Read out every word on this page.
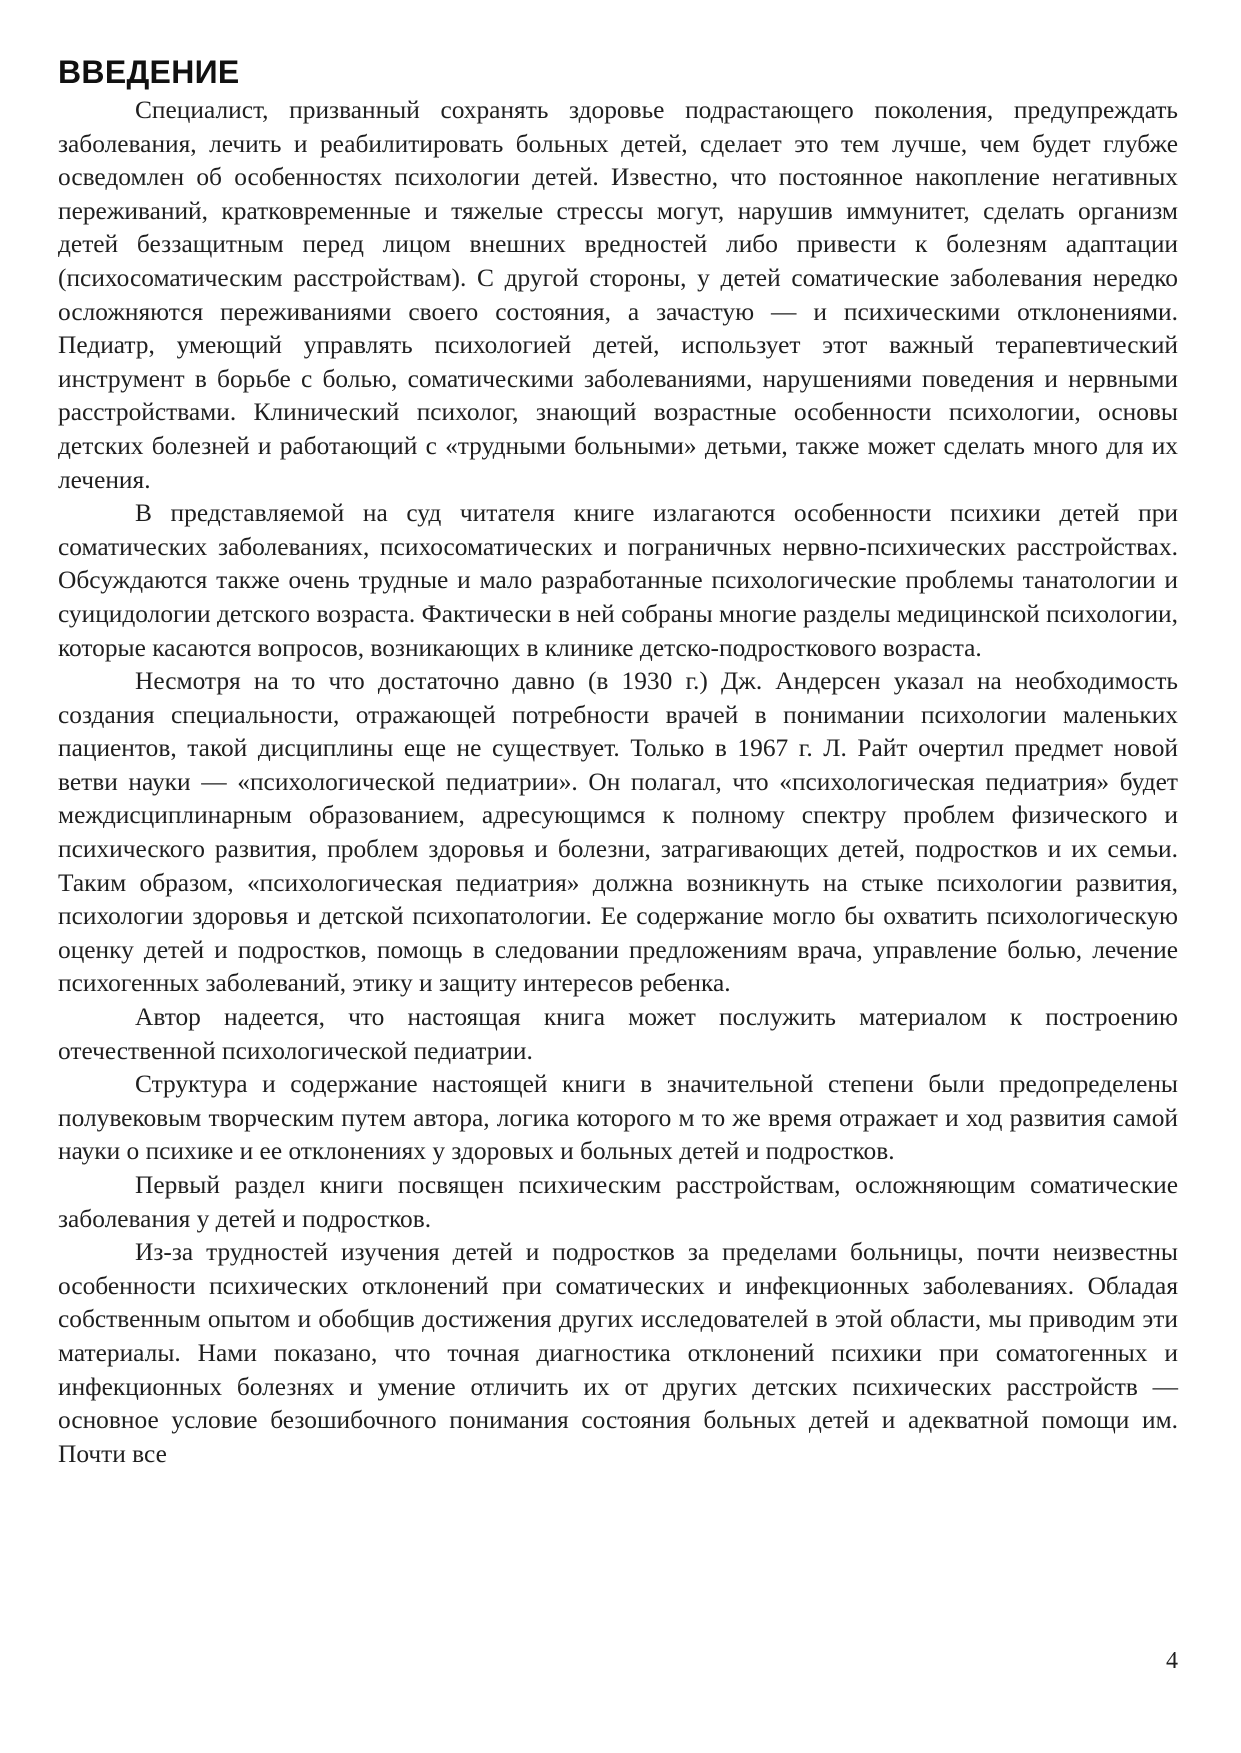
ВВЕДЕНИЕ

Специалист, призванный сохранять здоровье подрастающего поколения, предупреждать заболевания, лечить и реабилитировать больных детей, сделает это тем лучше, чем будет глубже осведомлен об особенностях психологии детей. Известно, что постоянное накопление негативных переживаний, кратковременные и тяжелые стрессы могут, нарушив иммунитет, сделать организм детей беззащитным перед лицом внешних вредностей либо привести к болезням адаптации (психосоматическим расстройствам). С другой стороны, у детей соматические заболевания нередко осложняются переживаниями своего состояния, а зачастую — и психическими отклонениями. Педиатр, умеющий управлять психологией детей, использует этот важный терапевтический инструмент в борьбе с болью, соматическими заболеваниями, нарушениями поведения и нервными расстройствами. Клинический психолог, знающий возрастные особенности психологии, основы детских болезней и работающий с «трудными больными» детьми, также может сделать много для их лечения.

В представляемой на суд читателя книге излагаются особенности психики детей при соматических заболеваниях, психосоматических и пограничных нервно-психических расстройствах. Обсуждаются также очень трудные и мало разработанные психологические проблемы танатологии и суицидологии детского возраста. Фактически в ней собраны многие разделы медицинской психологии, которые касаются вопросов, возникающих в клинике детско-подросткового возраста.

Несмотря на то что достаточно давно (в 1930 г.) Дж. Андерсен указал на необходимость создания специальности, отражающей потребности врачей в понимании психологии маленьких пациентов, такой дисциплины еще не существует. Только в 1967 г. Л. Райт очертил предмет новой ветви науки — «психологической педиатрии». Он полагал, что «психологическая педиатрия» будет междисциплинарным образованием, адресующимся к полному спектру проблем физического и психического развития, проблем здоровья и болезни, затрагивающих детей, подростков и их семьи. Таким образом, «психологическая педиатрия» должна возникнуть на стыке психологии развития, психологии здоровья и детской психопатологии. Ее содержание могло бы охватить психологическую оценку детей и подростков, помощь в следовании предложениям врача, управление болью, лечение психогенных заболеваний, этику и защиту интересов ребенка.

Автор надеется, что настоящая книга может послужить материалом к построению отечественной психологической педиатрии.

Структура и содержание настоящей книги в значительной степени были предопределены полувековым творческим путем автора, логика которого м то же время отражает и ход развития самой науки о психике и ее отклонениях у здоровых и больных детей и подростков.

Первый раздел книги посвящен психическим расстройствам, осложняющим соматические заболевания у детей и подростков.

Из-за трудностей изучения детей и подростков за пределами больницы, почти неизвестны особенности психических отклонений при соматических и инфекционных заболеваниях. Обладая собственным опытом и обобщив достижения других исследователей в этой области, мы приводим эти материалы. Нами показано, что точная диагностика отклонений психики при соматогенных и инфекционных болезнях и умение отличить их от других детских психических расстройств — основное условие безошибочного понимания состояния больных детей и адекватной помощи им. Почти все

4
